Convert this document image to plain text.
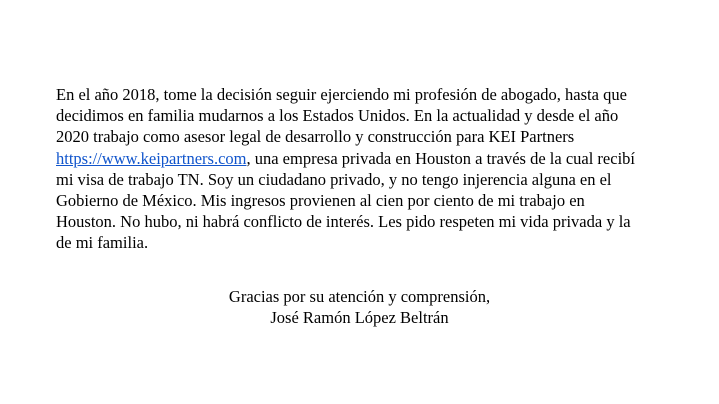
En el año 2018, tome la decisión seguir ejerciendo mi profesión de abogado, hasta que
decidimos en familia mudarnos a los Estados Unidos. En la actualidad y desde el año
2020 trabajo como asesor legal de desarrollo y construcción para KEI Partners
https://www.keipartners.com, una empresa privada en Houston a través de la cual recibí
mi visa de trabajo TN. Soy un ciudadano privado, y no tengo injerencia alguna en el
Gobierno de México. Mis ingresos provienen al cien por ciento de mi trabajo en
Houston. No hubo, ni habrá conflicto de interés. Les pido respeten mi vida privada y la
de mi familia.

Gracias por su atención y comprensión,
José Ramón López Beltrán
